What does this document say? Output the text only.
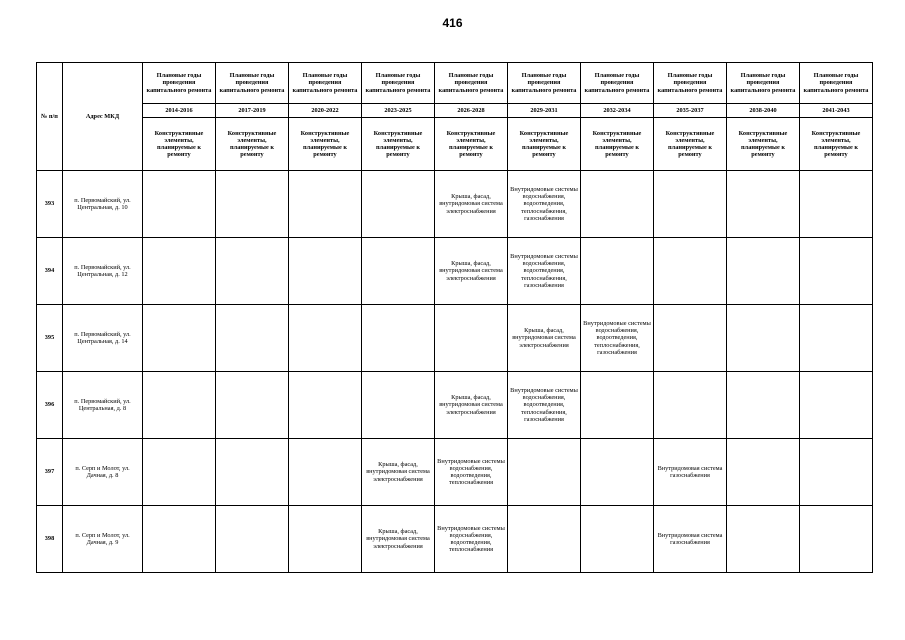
416
№ п/п	Адрес МКД	Плановые годы проведения капитального ремонта	Плановые годы проведения капитального ремонта	Плановые годы проведения капитального ремонта	Плановые годы проведения капитального ремонта	Плановые годы проведения капитального ремонта	Плановые годы проведения капитального ремонта	Плановые годы проведения капитального ремонта	Плановые годы проведения капитального ремонта	Плановые годы проведения капитального ремонта	Плановые годы проведения капитального ремонта
		2014-2016	2017-2019	2020-2022	2023-2025	2026-2028	2029-2031	2032-2034	2035-2037	2038-2040	2041-2043
		Конструктивные элементы, планируемые к ремонту	Конструктивные элементы, планируемые к ремонту	Конструктивные элементы, планируемые к ремонту	Конструктивные элементы, планируемые к ремонту	Конструктивные элементы, планируемые к ремонту	Конструктивные элементы, планируемые к ремонту	Конструктивные элементы, планируемые к ремонту	Конструктивные элементы, планируемые к ремонту	Конструктивные элементы, планируемые к ремонту	Конструктивные элементы, планируемые к ремонту
393	п. Первомайский, ул. Центральная, д. 10					Крыша, фасад, внутридомовая система электроснабжения	Внутридомовые системы водоснабжения, водоотведения, теплоснабжения, газоснабжения				
394	п. Первомайский, ул. Центральная, д. 12					Крыша, фасад, внутридомовая система электроснабжения	Внутридомовые системы водоснабжения, водоотведения, теплоснабжения, газоснабжения				
395	п. Первомайский, ул. Центральная, д. 14						Крыша, фасад, внутридомовая система электроснабжения	Внутридомовые системы водоснабжения, водоотведения, теплоснабжения, газоснабжения			
396	п. Первомайский, ул. Центральная, д. 8					Крыша, фасад, внутридомовая система электроснабжения	Внутридомовые системы водоснабжения, водоотведения, теплоснабжения, газоснабжения				
397	п. Серп и Молот, ул. Дачная, д. 8				Крыша, фасад, внутридомовая система электроснабжения	Внутридомовые системы водоснабжения, водоотведения, теплоснабжения			Внутридомовая система газоснабжения		
398	п. Серп и Молот, ул. Дачная, д. 9				Крыша, фасад, внутридомовая система электроснабжения	Внутридомовые системы водоснабжения, водоотведения, теплоснабжения			Внутридомовая система газоснабжения		
